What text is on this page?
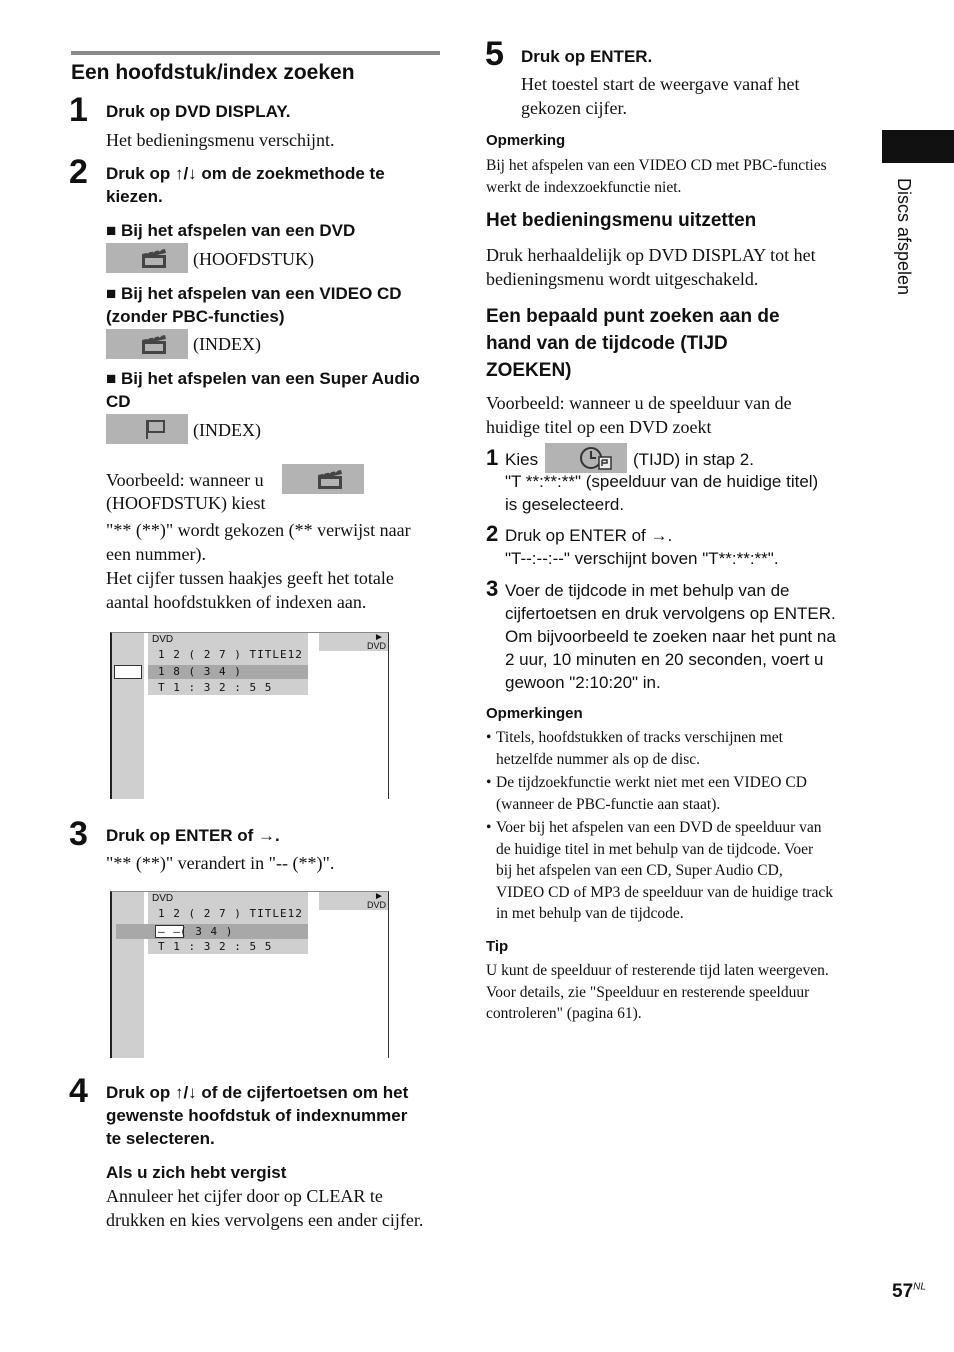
Een hoofdstuk/index zoeken
1 Druk op DVD DISPLAY.
Het bedieningsmenu verschijnt.
2 Druk op ↑/↓ om de zoekmethode te
kiezen.
■ Bij het afspelen van een DVD
(HOOFDSTUK)
■ Bij het afspelen van een VIDEO CD
(zonder PBC-functies)
(INDEX)
■ Bij het afspelen van een Super Audio
CD
(INDEX)
Voorbeeld: wanneer u
(HOOFDSTUK) kiest
"** (**)" wordt gekozen (** verwijst naar
een nummer).
Het cijfer tussen haakjes geeft het totale
aantal hoofdstukken of indexen aan.
DVD
1 2 ( 2 7 ) TITLE12
1 8 ( 3 4 )
T 1 : 3 2 : 5 5
►
DVD
3 Druk op ENTER of →.
"** (**)" verandert in "-- (**)".
DVD
1 2 ( 2 7 ) TITLE12
– – ( 3 4 )
T 1 : 3 2 : 5 5
►
DVD
4 Druk op ↑/↓ of de cijfertoetsen om het
gewenste hoofdstuk of indexnummer
te selecteren.
Als u zich hebt vergist
Annuleer het cijfer door op CLEAR te
drukken en kies vervolgens een ander cijfer.
5 Druk op ENTER.
Het toestel start de weergave vanaf het
gekozen cijfer.
Opmerking
Bij het afspelen van een VIDEO CD met PBC-functies
werkt de indexzoekfunctie niet.
Het bedieningsmenu uitzetten
Druk herhaaldelijk op DVD DISPLAY tot het
bedieningsmenu wordt uitgeschakeld.
Een bepaald punt zoeken aan de
hand van de tijdcode (TIJD
ZOEKEN)
Voorbeeld: wanneer u de speelduur van de
huidige titel op een DVD zoekt
1 Kies	(TIJD) in stap 2.
"T **:**:**" (speelduur van de huidige titel)
is geselecteerd.
2 Druk op ENTER of →.
"T--:--:--" verschijnt boven "T**:**:**".
3 Voer de tijdcode in met behulp van de
cijfertoetsen en druk vervolgens op ENTER.
Om bijvoorbeeld te zoeken naar het punt na
2 uur, 10 minuten en 20 seconden, voert u
gewoon "2:10:20" in.
Opmerkingen
• Titels, hoofdstukken of tracks verschijnen met
hetzelfde nummer als op de disc.
• De tijdzoekfunctie werkt niet met een VIDEO CD
(wanneer de PBC-functie aan staat).
• Voer bij het afspelen van een DVD de speelduur van
de huidige titel in met behulp van de tijdcode. Voer
bij het afspelen van een CD, Super Audio CD,
VIDEO CD of MP3 de speelduur van de huidige track
in met behulp van de tijdcode.
Tip
U kunt de speelduur of resterende tijd laten weergeven.
Voor details, zie "Speelduur en resterende speelduur
controleren" (pagina 61).
Discs afspelen
$57^{NL}$
